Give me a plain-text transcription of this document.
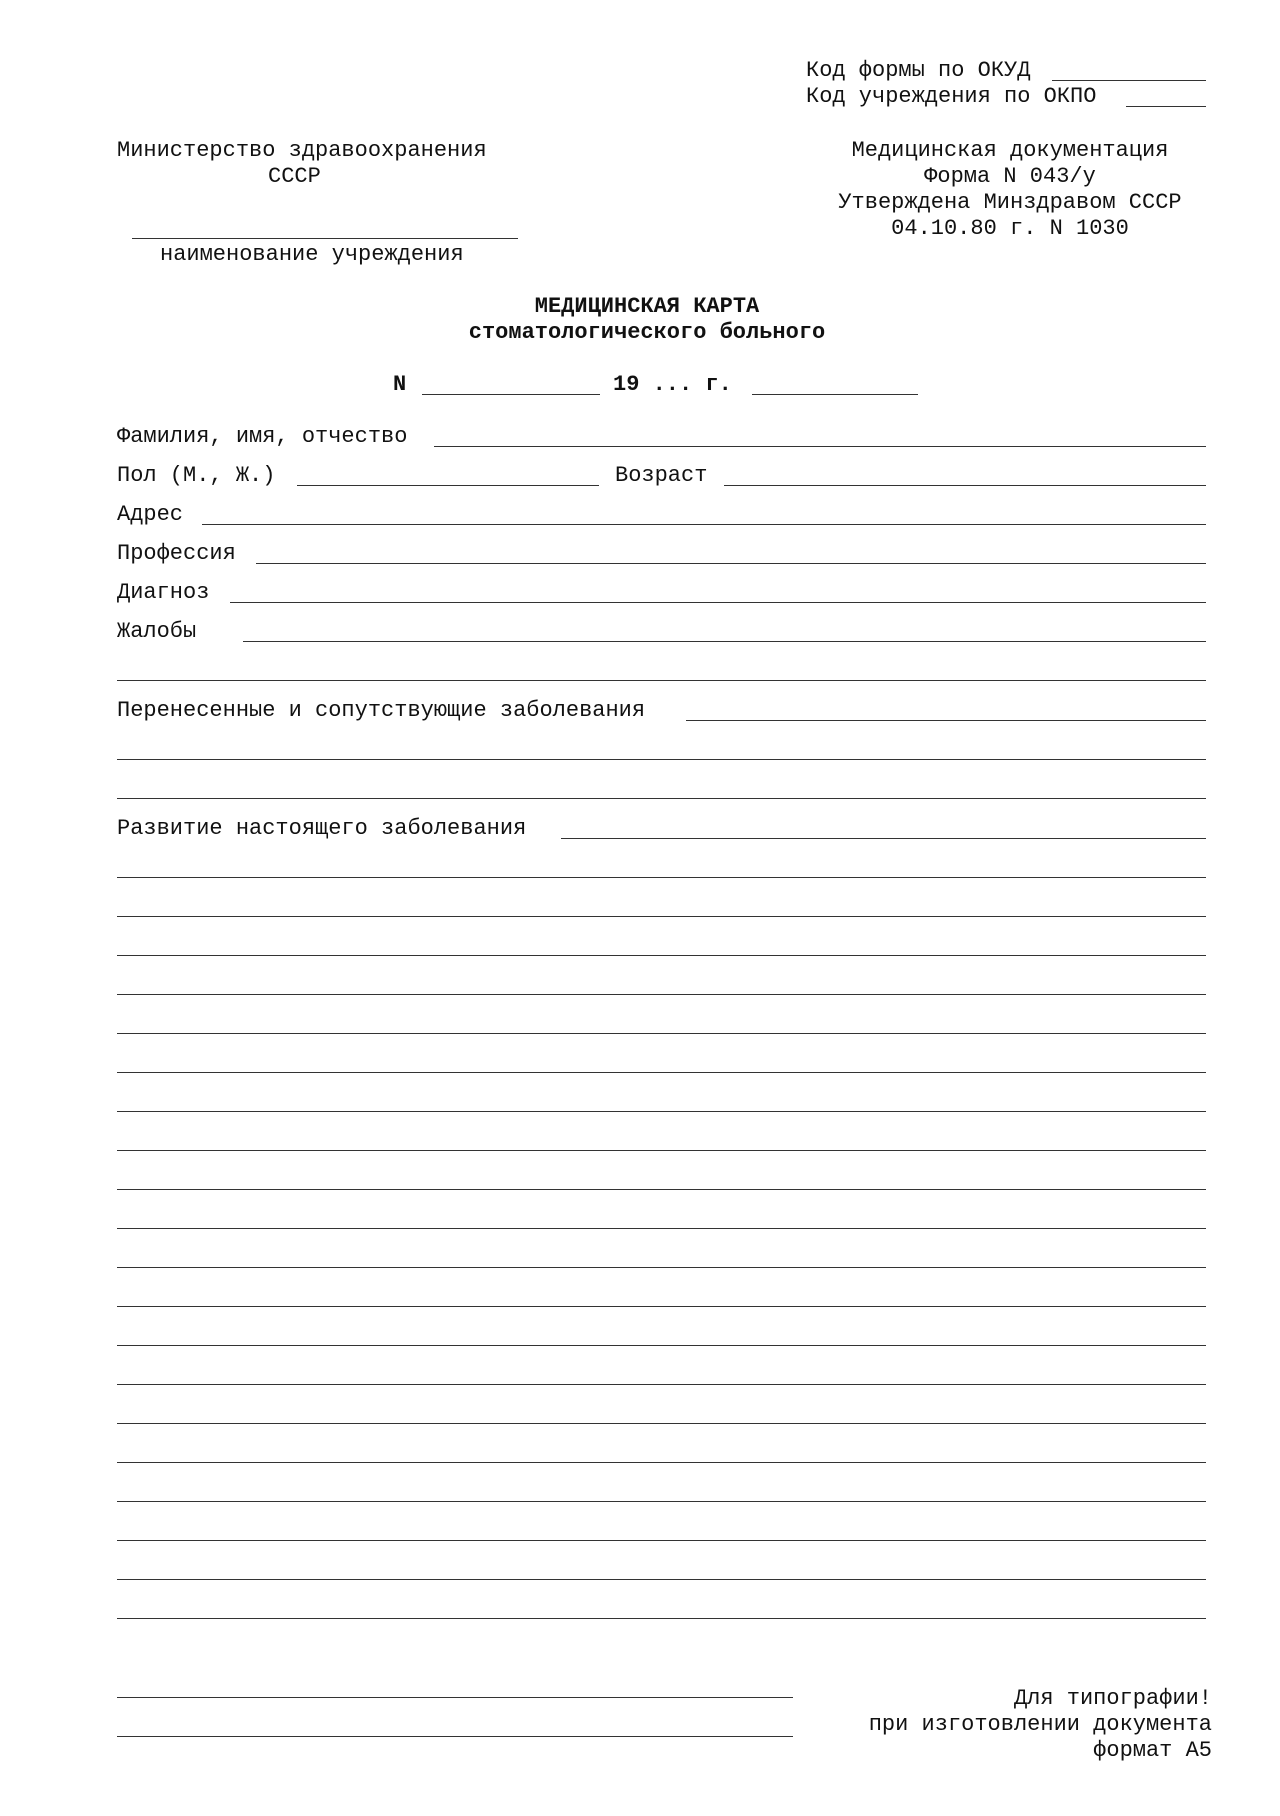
Код формы по ОКУД
Код учреждения по ОКПО
Министерство здравоохранения
СССР
наименование учреждения
Медицинская документация
Форма N 043/у
Утверждена Минздравом СССР
04.10.80 г. N 1030
МЕДИЦИНСКАЯ КАРТА
стоматологического больного
N	19 ... г.
Фамилия, имя, отчество
Пол (М., Ж.)	Возраст
Адрес
Профессия
Диагноз
Жалобы
Перенесенные и сопутствующие заболевания
Развитие настоящего заболевания
Для типографии!
при изготовлении документа
формат А5
